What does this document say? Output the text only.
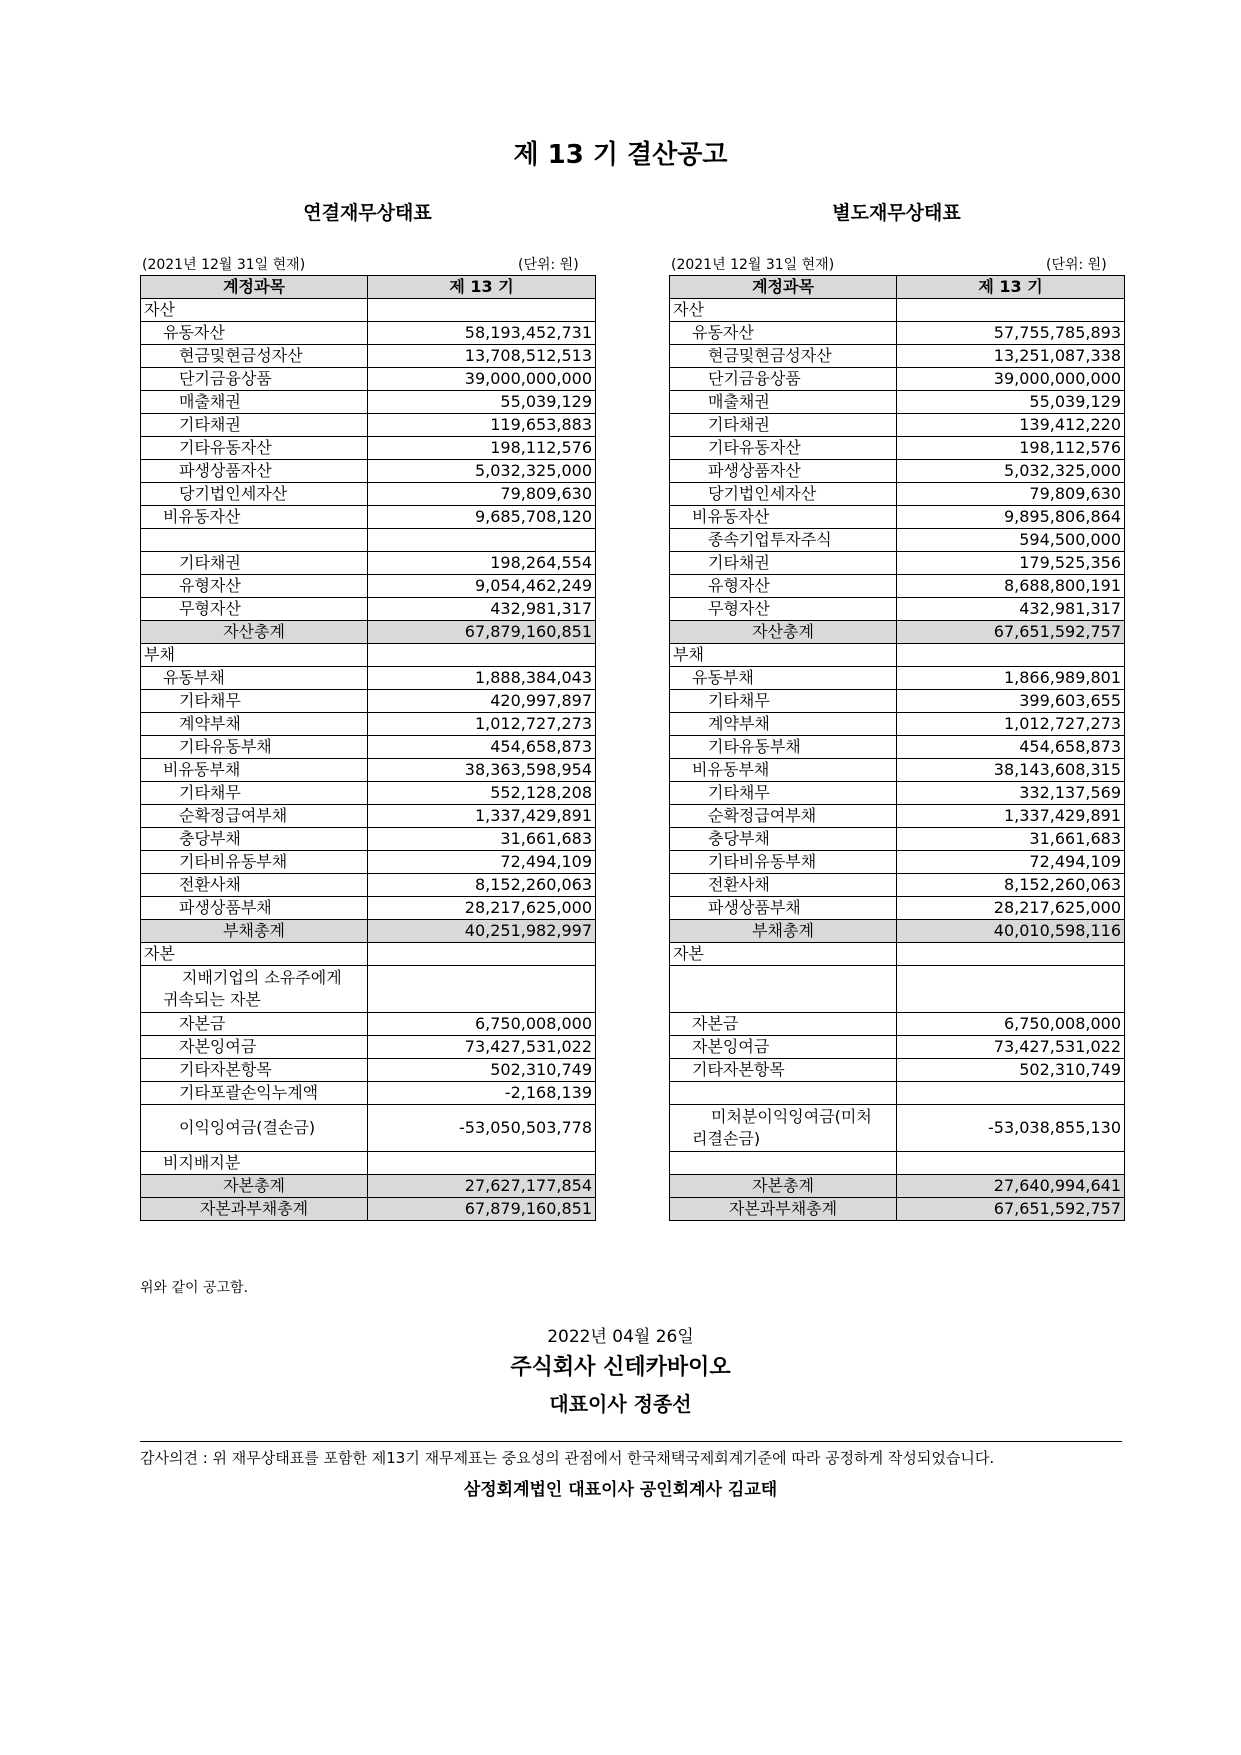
제 13 기 결산공고
연결재무상태표	별도재무상태표
(2021년 12월 31일 현재)	(단위: 원)	(2021년 12월 31일 현재)	(단위: 원)
계정과목	제 13 기
자산	
유동자산	58,193,452,731
현금및현금성자산	13,708,512,513
단기금융상품	39,000,000,000
매출채권	55,039,129
기타채권	119,653,883
기타유동자산	198,112,576
파생상품자산	5,032,325,000
당기법인세자산	79,809,630
비유동자산	9,685,708,120

기타채권	198,264,554
유형자산	9,054,462,249
무형자산	432,981,317
자산총계	67,879,160,851
부채	
유동부채	1,888,384,043
기타채무	420,997,897
계약부채	1,012,727,273
기타유동부채	454,658,873
비유동부채	38,363,598,954
기타채무	552,128,208
순확정급여부채	1,337,429,891
충당부채	31,661,683
기타비유동부채	72,494,109
전환사채	8,152,260,063
파생상품부채	28,217,625,000
부채총계	40,251,982,997
자본	

지배기업의 소유주에게
귀속되는 자본	

자본금	6,750,008,000
자본잉여금	73,427,531,022
기타자본항목	502,310,749
기타포괄손익누계액	-2,168,139
이익잉여금(결손금)	-53,050,503,778
비지배지분	
자본총계	27,627,177,854
자본과부채총계	67,879,160,851
계정과목	제 13 기
자산	
유동자산	57,755,785,893
현금및현금성자산	13,251,087,338
단기금융상품	39,000,000,000
매출채권	55,039,129
기타채권	139,412,220
기타유동자산	198,112,576
파생상품자산	5,032,325,000
당기법인세자산	79,809,630
비유동자산	9,895,806,864
종속기업투자주식	594,500,000
기타채권	179,525,356
유형자산	8,688,800,191
무형자산	432,981,317
자산총계	67,651,592,757
부채	
유동부채	1,866,989,801
기타채무	399,603,655
계약부채	1,012,727,273
기타유동부채	454,658,873
비유동부채	38,143,608,315
기타채무	332,137,569
순확정급여부채	1,337,429,891
충당부채	31,661,683
기타비유동부채	72,494,109
전환사채	8,152,260,063
파생상품부채	28,217,625,000
부채총계	40,010,598,116
자본	

자본금	6,750,008,000
자본잉여금	73,427,531,022
기타자본항목	502,310,749

미처분이익잉여금(미처
리결손금)	-53,038,855,130

자본총계	27,640,994,641
자본과부채총계	67,651,592,757
위와 같이 공고함.
2022년 04월 26일
주식회사 신테카바이오
대표이사 정종선
감사의견 : 위 재무상태표를 포함한 제13기 재무제표는 중요성의 관점에서 한국채택국제회계기준에 따라 공정하게 작성되었습니다.
삼정회계법인 대표이사 공인회계사 김교태
